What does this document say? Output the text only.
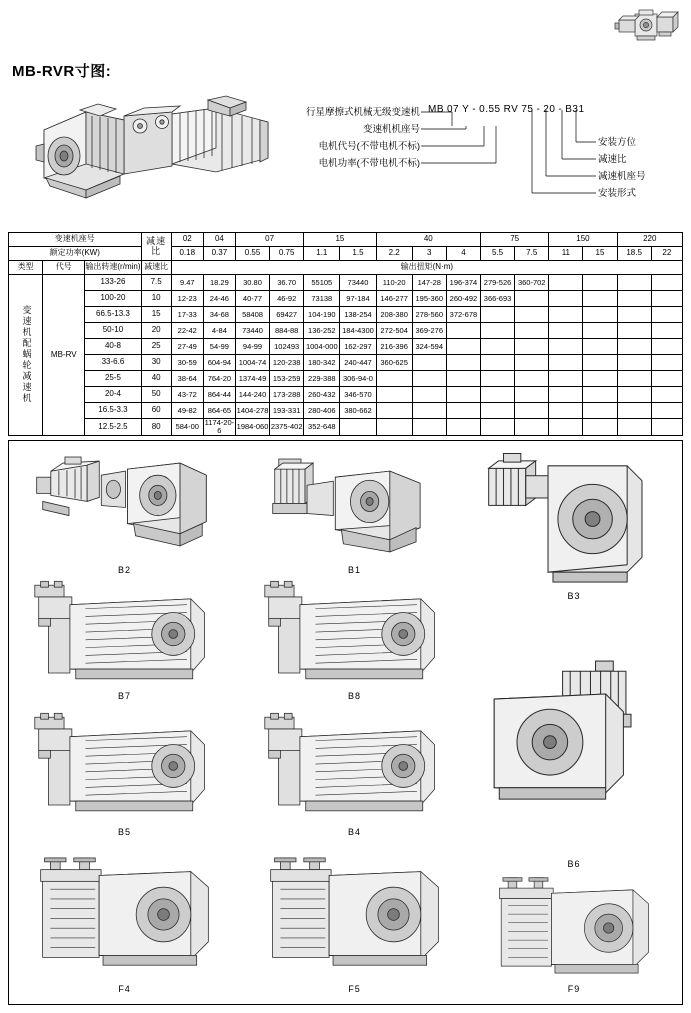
MB-RVR寸图:
行星摩擦式机械无级变速机
变速机机座号
电机代号(不带电机不标)
电机功率(不带电机不标)
MB 07 Y - 0.55 RV 75 - 20 - B31
安装方位
减速比
减速机座号
安装形式
变速机座号			减速比	02	04	07		15		40			75		150		220	
额定功率(KW)				0.18	0.37	0.55	0.75	1.1	1.5	2.2	3	4	5.5	7.5	11	15	18.5	22
类型	代号	输出转速(r/min)	减速比	输出扭矩(N·m)														

变速机配蜗轮减速机	MB-RV	133-26	7.5	9.47	18.29	30.80	36.70	55105	73440	110-20	147-28	196-374	279-526	360-702				
		100-20	10	12-23	24-46	40-77	46-92	73138	97-184	146-277	195-360	260-492	366-693					
		66.5-13.3	15	17-33	34-68	58408	69427	104-190	138-254	208-380	278-560	372-678						
		50-10	20	22-42	4-84	73440	884-88	136-252	184-4300	272-504	369-276							
		40-8	25	27-49	54-99	94-99	102493	1004-000	162-297	216-396	324-594							
		33-6.6	30	30-59	604-94	1004-74	120-238	180-342	240-447	360-625								
		25-5	40	38-64	764-20	1374-49	153-259	229-388	306-94-0									
		20-4	50	43-72	864-44	144-240	173-288	260-432	346-570									
		16.5-3.3	60	49-82	864-65	1404-278	193-331	280-406	380-662									
		12.5-2.5	80	584-00	1174-20-6	1984-060	2375-402	352-648										
B2	B1
B3
B7	B8
B5	B4
B6
F4	F5	F9
